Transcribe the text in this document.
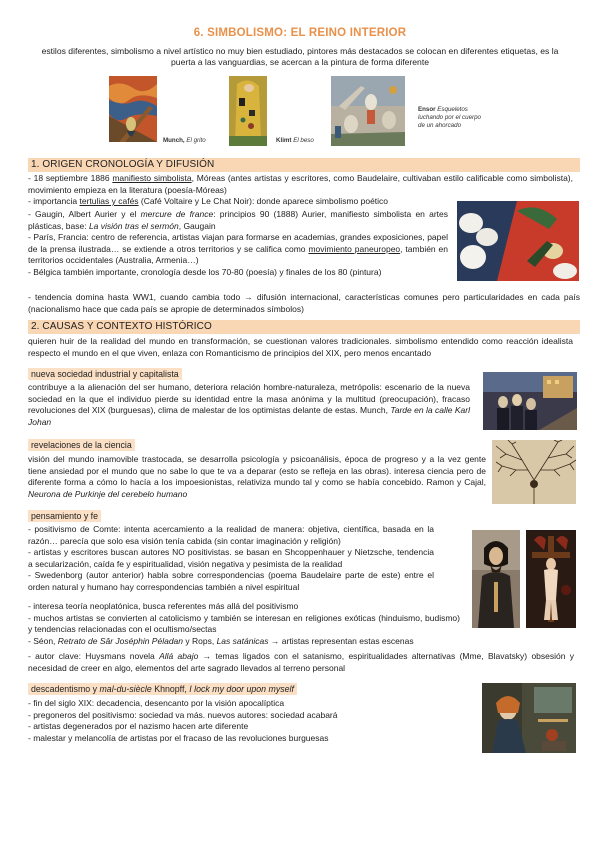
6. SIMBOLISMO: EL REINO INTERIOR
estilos diferentes, simbolismo a nivel artístico no muy bien estudiado, pintores más destacados se colocan en diferentes etiquetas, es la puerta a las vanguardias, se acercan a la pintura de forma diferente
Munch, El grito	Klimt El beso
Ensor Esqueletos luchando por el cuerpo de un ahorcado
1. ORIGEN CRONOLOGÍA Y DIFUSIÓN

- 18 septiembre 1886 manifiesto simbolista, Móreas (antes artistas y escritores, como Baudelaire, cultivaban estilo calificable como simbolista), movimiento empieza en la literatura (poesía-Móreas)

- importancia tertulias y cafés (Café Voltaire y Le Chat Noir): donde aparece simbolismo poético

- Gaugin, Albert Aurier y el mercure de france: principios 90 (1888) Aurier, manifiesto simbolista en artes plásticas, base: La visión tras el sermón, Gaugain

- París, Francia: centro de referencia, artistas viajan para formarse en academias, grandes exposiciones, papel de la prensa ilustrada… se extiende a otros territorios y se califica como movimiento paneuropeo, también en territorios occidentales (Australia, Armenia…)

- Bélgica también importante, cronología desde los 70-80 (poesía) y finales de los 80 (pintura)

- tendencia domina hasta WW1, cuando cambia todo → difusión internacional, características comunes pero particularidades en cada país (nacionalismo hace que cada país se apropie de determinados símbolos)

2. CAUSAS Y CONTEXTO HISTÓRICO
quieren huir de la realidad del mundo en transformación, se cuestionan valores tradicionales. simbolismo entendido como reacción idealista respecto el mundo en el que viven, enlaza con Romanticismo de principios del XIX, pero menos encantado
nueva sociedad industrial y capitalista
contribuye a la alienación del ser humano, deteriora relación hombre-naturaleza, metrópolis: escenario de la nueva sociedad en la que el individuo pierde su identidad entre la masa anónima y la multitud (preocupación), fracaso revoluciones del XIX (burguesas), clima de malestar de los optimistas delante de estas. Munch, Tarde en la calle Karl Johan
revelaciones de la ciencia
visión del mundo inamovible trastocada, se desarrolla psicología y psicoanálisis, época de progreso y a la vez gente tiene ansiedad por el mundo que no sabe lo que te va a deparar (esto se refleja en las obras). interesa ciencia pero de diferente forma a cómo lo hacía a los impoesionistas, relativiza mundo tal y como se había concebido. Ramon y Cajal, Neurona de Purkinje del cerebelo humano
pensamiento y fe

- positivismo de Comte: intenta acercamiento a la realidad de manera: objetiva, científica, basada en la razón… parecía que solo esa visión tenía cabida (sin contar imaginación y religión)

- artistas y escritores buscan autores NO positivistas. se basan en Shcoppenhauer y Nietzsche, tendencia a secularización, caída fe y espiritualidad, visión negativa y pesimista de la realidad

- Swedenborg (autor anterior) habla sobre correspondencias (poema Baudelaire parte de este) entre el orden natural y humano hay correspondencias también a nivel espiritual

- interesa teoría neoplatónica, busca referentes más allá del positivismo

- muchos artistas se convierten al catolicismo y también se interesan en religiones exóticas (hinduismo, budismo) y tendencias relacionadas con el ocultismo/sectas

- Séon, Retrato de Sâr Joséphin Péladan y Rops, Las satánicas → artistas representan estas escenas

- autor clave: Huysmans novela Allá abajo → temas ligados con el satanismo, espiritualidades alternativas (Mme, Blavatsky) obsesión y necesidad de creer en algo, elementos del arte sagrado llevados al terreno personal

descadentismo y mal-du-siècle Khnopff, I lock my door upon myself

- fin del siglo XIX: decadencia, desencanto por la visión apocalíptica

- pregoneros del positivismo: sociedad va más. nuevos autores: sociedad acabará

- artistas degenerados por el nazismo hacen arte diferente

- malestar y melancolía de artistas por el fracaso de las revoluciones burguesas
